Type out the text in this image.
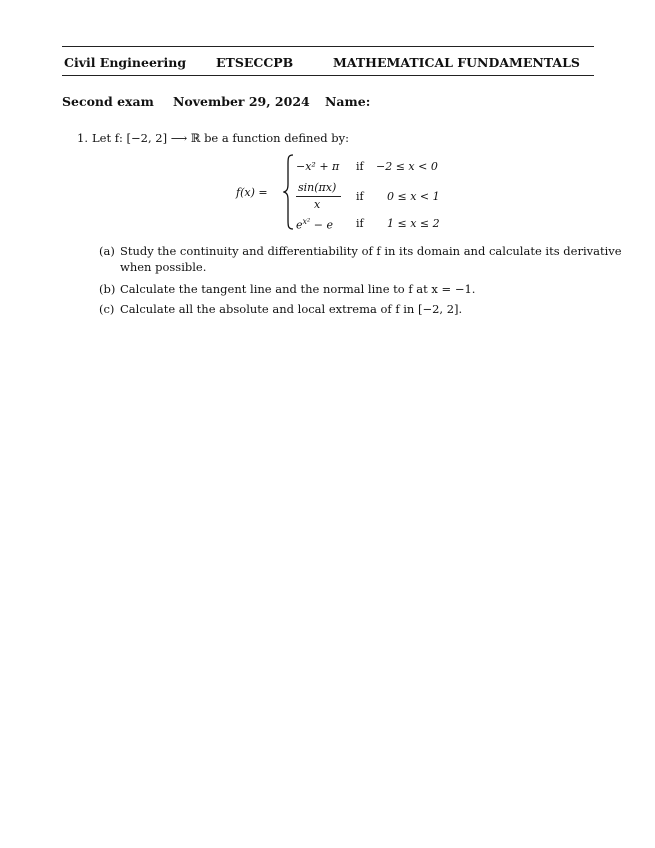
Civil Engineering ETSECCPB	MATHEMATICAL FUNDAMENTALS
Second exam November 29, 2024 Name:
1. Let f: [−2, 2] ⟶ ℝ be a function defined by:
f(x) =
−x² + π if −2 ≤ x < 0
sin(πx)
x
if 0 ≤ x < 1
$e^{x^2} - e$ if 1 ≤ x ≤ 2
(a) Study the continuity and differentiability of f in its domain and calculate its derivative
when possible.
(b) Calculate the tangent line and the normal line to f at x = −1.
(c) Calculate all the absolute and local extrema of f in [−2, 2].
